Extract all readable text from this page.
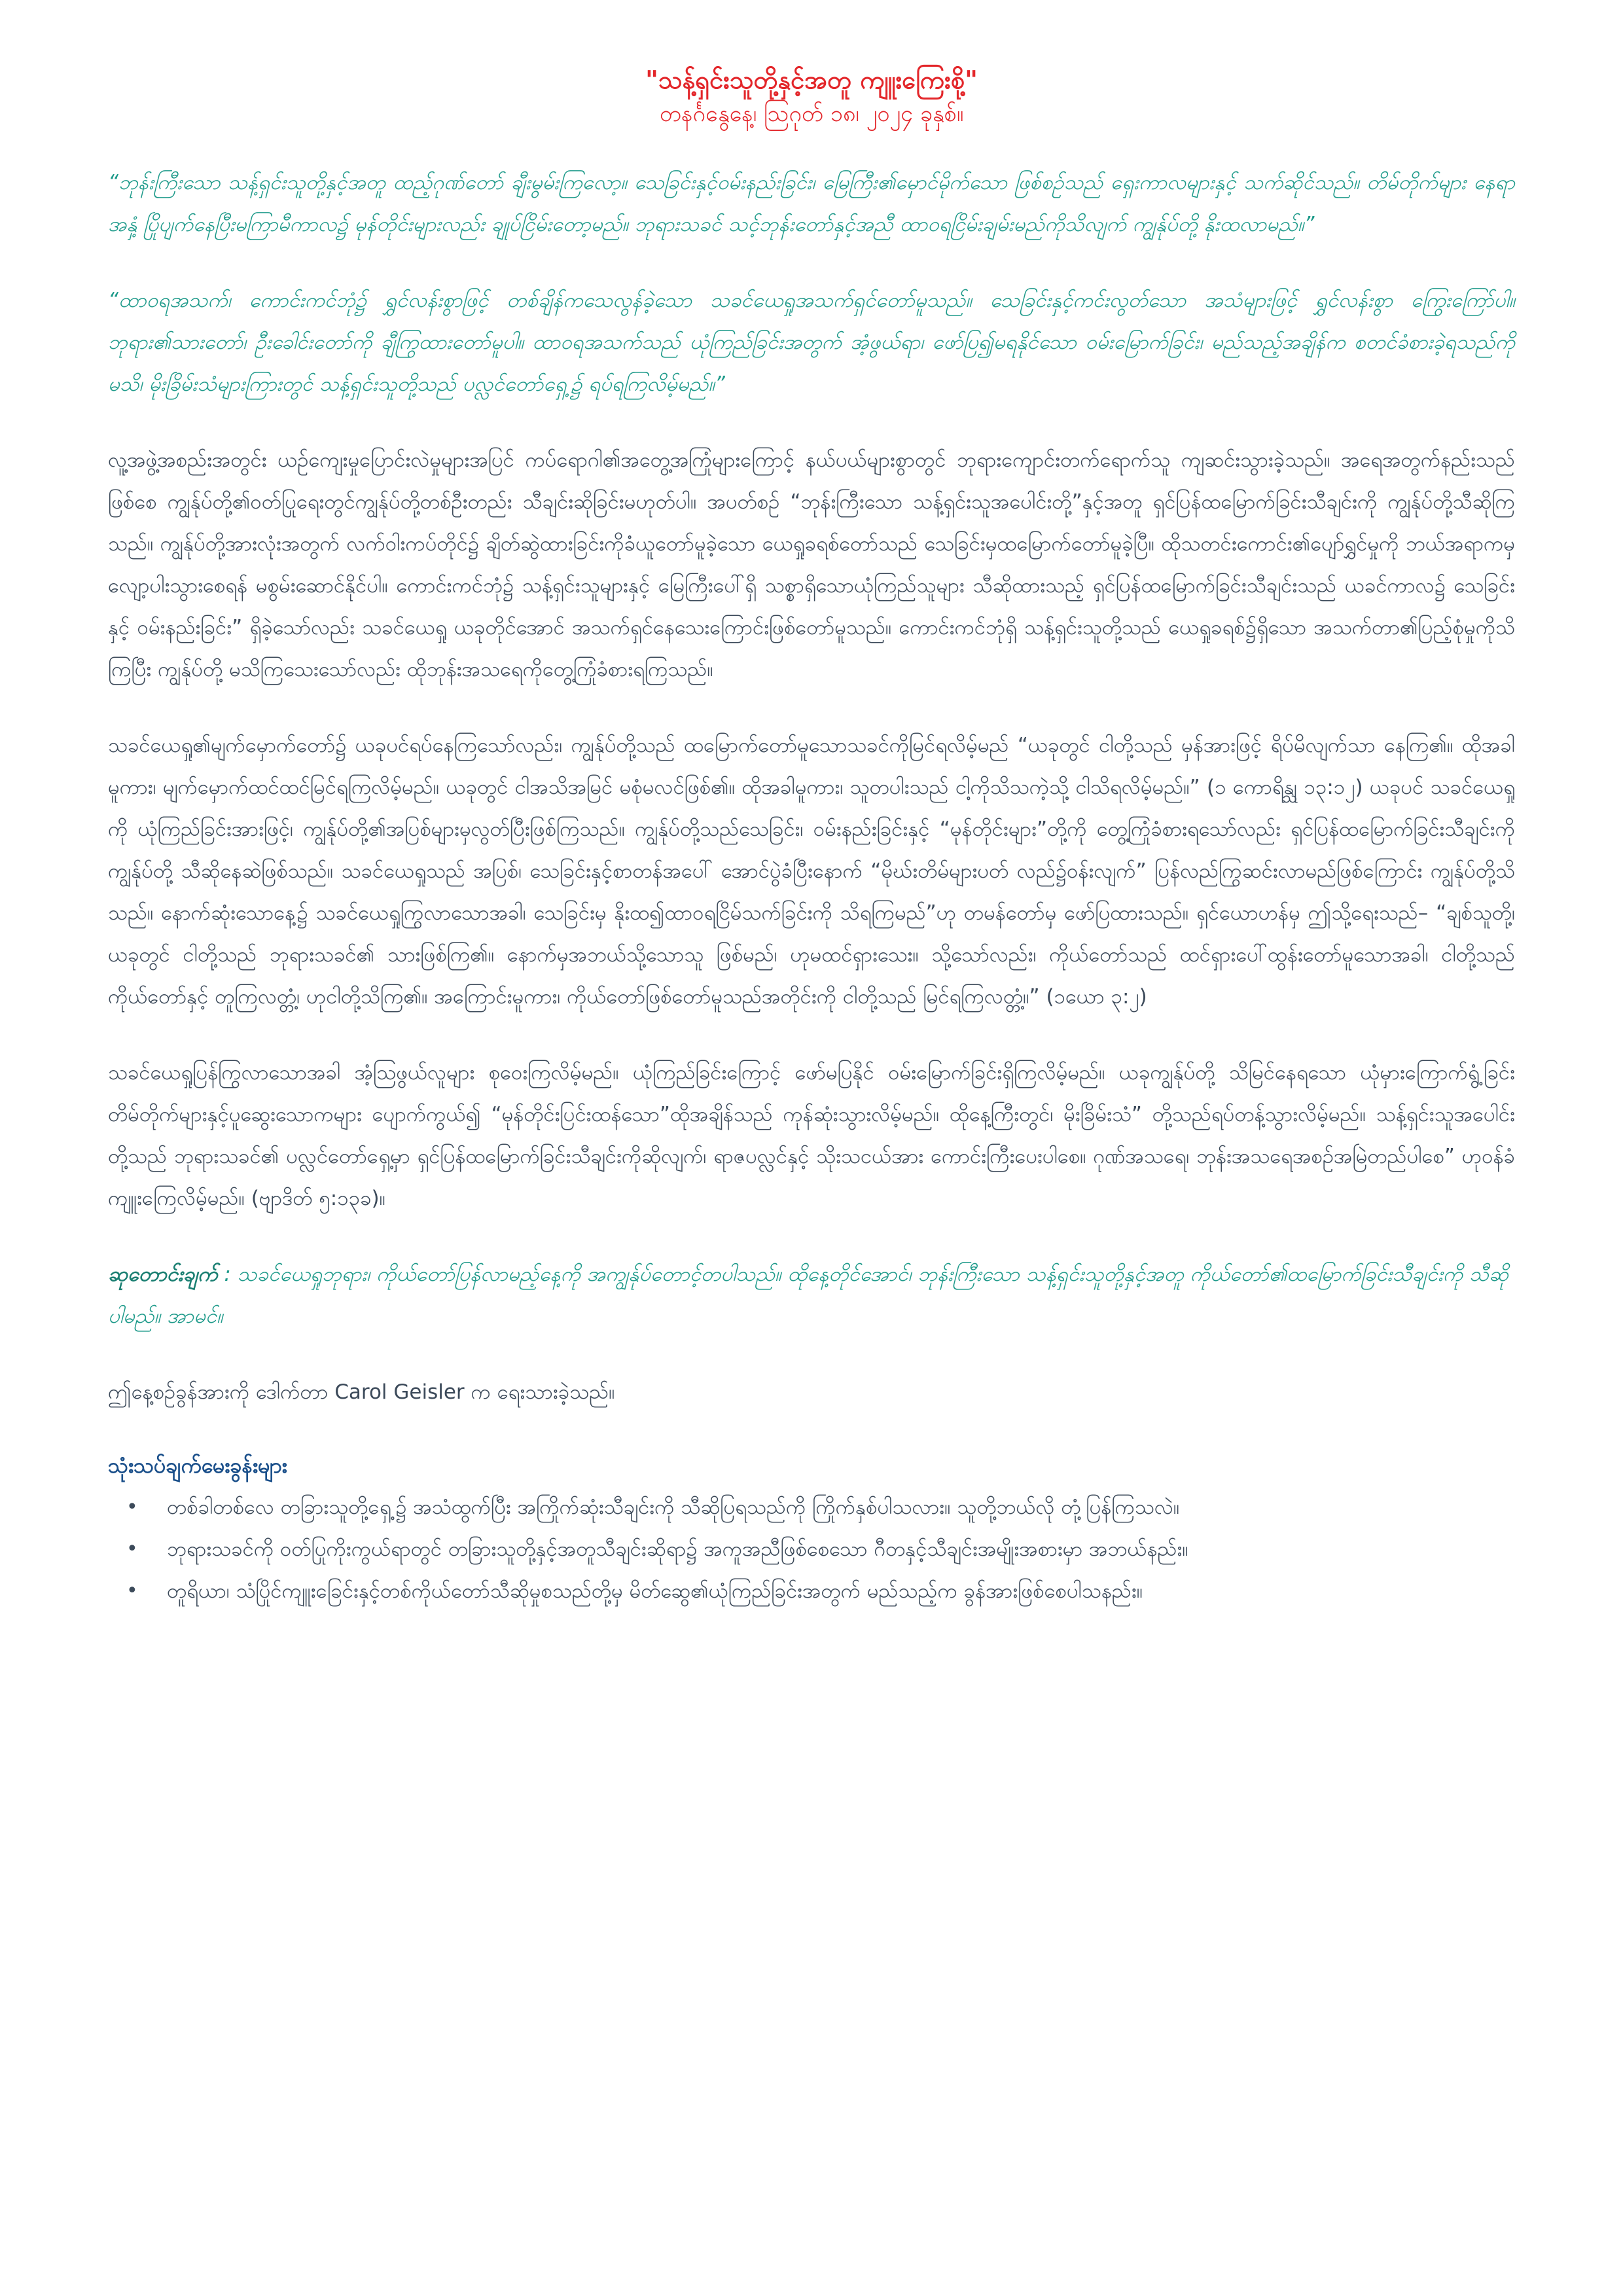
"သန့်ရှင်းသူတို့နှင့်အတူ ကျူးကြေးစို့"

တနင်္ဂနွေနေ့၊ ဩဂုတ် ၁၈၊ ၂၀၂၄ ခုနှစ်။

“ဘုန်းကြီးသော သန့်ရှင်းသူတို့နှင့်အတူ ထည့်ဂုဏ်တော် ချီးမွမ်းကြလော့။ သေခြင်းနှင့်ဝမ်းနည်းခြင်း၊ မြေကြီး၏မှောင်မိုက်သော ဖြစ်စဉ်သည် ရှေးကာလများနှင့် သက်ဆိုင်သည်။ တိမ်တိုက်များ နေရာအနှံ့ ပြိုပျက်နေပြီးမကြာမီကာလ၌ မုန်တိုင်းများလည်း ချုပ်ငြိမ်းတော့မည်။ ဘုရားသခင် သင့်ဘုန်းတော်နှင့်အညီ ထာဝရငြိမ်းချမ်းမည်ကိုသိလျက် ကျွန်ုပ်တို့ နိုးထလာမည်။”

“ထာဝရအသက်၊ ကောင်းကင်ဘုံ၌ ရွှင်လန်းစွာဖြင့် တစ်ချိန်ကသေလွန်ခဲ့သော သခင်ယေရှုအသက်ရှင်တော်မူသည်။ သေခြင်းနှင့်ကင်းလွတ်သော အသံများဖြင့် ရွှင်လန်းစွာ ကြွေးကြော်ပါ။ ဘုရား၏သားတော်၊ ဦးခေါင်းတော်ကို ချီကြွထားတော်မူပါ။ ထာဝရအသက်သည် ယုံကြည်ခြင်းအတွက် အံ့ဖွယ်ရာ၊ ဖော်ပြ၍မရနိုင်သော ဝမ်းမြောက်ခြင်း၊ မည်သည့်အချိန်က စတင်ခံစားခဲ့ရသည်ကို မသိ၊ မိုးခြိမ်းသံများကြားတွင် သန့်ရှင်းသူတို့သည် ပလ္လင်တော်ရှေ့၌ ရပ်ရကြလိမ့်မည်။”

လူ့အဖွဲ့အစည်းအတွင်း ယဉ်ကျေးမှုပြောင်းလဲမှုများအပြင် ကပ်ရောဂါ၏အတွေ့အကြုံများကြောင့် နယ်ပယ်များစွာတွင် ဘုရားကျောင်းတက်ရောက်သူ ကျဆင်းသွားခဲ့သည်။ အရေအတွက်နည်းသည်ဖြစ်စေ ကျွန်ုပ်တို့၏ဝတ်ပြုရေးတွင်ကျွန်ုပ်တို့တစ်ဦးတည်း သီချင်းဆိုခြင်းမဟုတ်ပါ။ အပတ်စဉ် “ဘုန်းကြီးသော သန့်ရှင်းသူအပေါင်းတို့”နှင့်အတူ ရှင်ပြန်ထမြောက်ခြင်းသီချင်းကို ကျွန်ုပ်တို့သီဆိုကြသည်။ ကျွန်ုပ်တို့အားလုံးအတွက် လက်ဝါးကပ်တိုင်၌ ချိတ်ဆွဲထားခြင်းကိုခံယူတော်မူခဲ့သော ယေရှုခရစ်တော်သည် သေခြင်းမှထမြောက်တော်မူခဲ့ပြီ။ ထိုသတင်းကောင်း၏ပျော်ရွှင်မှုကို ဘယ်အရာကမှ လျော့ပါးသွားစေရန် မစွမ်းဆောင်နိုင်ပါ။ ကောင်းကင်ဘုံ၌ သန့်ရှင်းသူများနှင့် မြေကြီးပေါ်ရှိ သစ္စာရှိသောယုံကြည်သူများ သီဆိုထားသည့် ရှင်ပြန်ထမြောက်ခြင်းသီချင်းသည် ယခင်ကာလ၌ သေခြင်းနှင့် ဝမ်းနည်းခြင်း” ရှိခဲ့သော်လည်း သခင်ယေရှု ယခုတိုင်အောင် အသက်ရှင်နေသေးကြောင်းဖြစ်တော်မူသည်။ ကောင်းကင်ဘုံရှိ သန့်ရှင်းသူတို့သည် ယေရှုခရစ်၌ရှိသော အသက်တာ၏ပြည့်စုံမှုကိုသိကြပြီး ကျွန်ုပ်တို့ မသိကြသေးသော်လည်း ထိုဘုန်းအသရေကိုတွေ့ကြုံခံစားရကြသည်။

သခင်ယေရှု၏မျက်မှောက်တော်၌ ယခုပင်ရပ်နေကြသော်လည်း၊ ကျွန်ုပ်တို့သည် ထမြောက်တော်မူသောသခင်ကိုမြင်ရလိမ့်မည် “ယခုတွင် ငါတို့သည် မှန်အားဖြင့် ရိပ်မိလျက်သာ နေကြ၏။ ထိုအခါမူကား၊ မျက်မှောက်ထင်ထင်မြင်ရကြလိမ့်မည်။ ယခုတွင် ငါအသိအမြင် မစုံမလင်ဖြစ်၏။ ထိုအခါမူကား၊ သူတပါးသည် ငါ့ကိုသိသကဲ့သို့ ငါသိရလိမ့်မည်။” (၁ ကောရိန္သု ၁၃:၁၂) ယခုပင် သခင်ယေရှုကို ယုံကြည်ခြင်းအားဖြင့်၊ ကျွန်ုပ်တို့၏အပြစ်များမှလွတ်ပြီးဖြစ်ကြသည်။ ကျွန်ုပ်တို့သည်သေခြင်း၊ ဝမ်းနည်းခြင်းနှင့် “မုန်တိုင်းများ”တို့ကို တွေ့ကြုံခံစားရသော်လည်း ရှင်ပြန်ထမြောက်ခြင်းသီချင်းကို ကျွန်ုပ်တို့ သီဆိုနေဆဲဖြစ်သည်။ သခင်ယေရှုသည် အပြစ်၊ သေခြင်းနှင့်စာတန်အပေါ် အောင်ပွဲခံပြီးနောက် “မိုဃ်းတိမ်များပတ် လည်၌ဝန်းလျက်” ပြန်လည်ကြွဆင်းလာမည်ဖြစ်ကြောင်း ကျွန်ုပ်တို့သိသည်။ နောက်ဆုံးသောနေ့၌ သခင်ယေရှုကြွလာသောအခါ၊ သေခြင်းမှ နိုးထ၍ထာဝရငြိမ်သက်ခြင်းကို သိရကြမည်”ဟု တမန်တော်မှ ဖော်ပြထားသည်။ ရှင်ယောဟန်မှ ဤသို့ရေးသည်– “ချစ်သူတို့၊ ယခုတွင် ငါတို့သည် ဘုရားသခင်၏ သားဖြစ်ကြ၏။ နောက်မှအဘယ်သို့သောသူ ဖြစ်မည်၊ ဟုမထင်ရှားသေး။ သို့သော်လည်း၊ ကိုယ်တော်သည် ထင်ရှားပေါ်ထွန်းတော်မူသောအခါ၊ ငါတို့သည် ကိုယ်တော်နှင့် တူကြလတ္တံ့၊ ဟုငါတို့သိကြ၏။ အကြောင်းမူကား၊ ကိုယ်တော်ဖြစ်တော်မူသည်အတိုင်းကို ငါတို့သည် မြင်ရကြလတ္တံ့။” (၁ယော ၃:၂)

သခင်ယေရှုပြန်ကြွလာသောအခါ အံ့သြဖွယ်လူများ စုဝေးကြလိမ့်မည်။ ယုံကြည်ခြင်းကြောင့် ဖော်မပြနိုင် ဝမ်းမြောက်ခြင်းရှိကြလိမ့်မည်။ ယခုကျွန်ုပ်တို့ သိမြင်နေရသော ယုံမှားကြောက်ရွံ့ခြင်း တိမ်တိုက်များနှင့်ပူဆွေးသောကများ ပျောက်ကွယ်၍ “မုန်တိုင်းပြင်းထန်သော”ထိုအချိန်သည် ကုန်ဆုံးသွားလိမ့်မည်။ ထိုနေ့ကြီးတွင်၊ မိုးခြိမ်းသံ” တို့သည်ရပ်တန့်သွားလိမ့်မည်။ သန့်ရှင်းသူအပေါင်းတို့သည် ဘုရားသခင်၏ ပလ္လင်တော်ရှေ့မှာ ရှင်ပြန်ထမြောက်ခြင်းသီချင်းကိုဆိုလျက်၊ ရာဇပလ္လင်နှင့် သိုးသငယ်အား ကောင်းကြီးပေးပါစေ။ ဂုဏ်အသရေ၊ ဘုန်းအသရေအစဉ်အမြဲတည်ပါစေ” ဟုဝန်ခံကျူးကြေလိမ့်မည်။ (ဗျာဒိတ် ၅:၁၃ခ)။

ဆုတောင်းချက် : သခင်ယေရှုဘုရား၊ ကိုယ်တော်ပြန်လာမည့်နေ့ကို အကျွန်ုပ်တောင့်တပါသည်။ ထိုနေ့တိုင်အောင်၊ ဘုန်းကြီးသော သန့်ရှင်းသူတို့နှင့်အတူ ကိုယ်တော်၏ထမြောက်ခြင်းသီချင်းကို သီဆိုပါမည်။ အာမင်။

ဤနေ့စဉ်ခွန်အားကို ဒေါက်တာ Carol Geisler က ရေးသားခဲ့သည်။

သုံးသပ်ချက်မေးခွန်းများ
• တစ်ခါတစ်လေ တခြားသူတို့ရှေ့၌ အသံထွက်ပြီး အကြိုက်ဆုံးသီချင်းကို သီဆိုပြရသည်ကို ကြိုက်နှစ်ပါသလား။ သူတို့ဘယ်လို တုံ့ပြန်ကြသလဲ။
• ဘုရားသခင်ကို ဝတ်ပြုကိုးကွယ်ရာတွင် တခြားသူတို့နှင့်အတူသီချင်းဆိုရာ၌ အကူအညီဖြစ်စေသော ဂီတနှင့်သီချင်းအမျိုးအစားမှာ အဘယ်နည်း။
• တူရိယာ၊ သံပြိုင်ကျူးခြေင်းနှင့်တစ်ကိုယ်တော်သီဆိုမှုစသည်တို့မှ မိတ်ဆွေ၏ယုံကြည်ခြင်းအတွက် မည်သည့်က ခွန်အားဖြစ်စေပါသနည်း။
